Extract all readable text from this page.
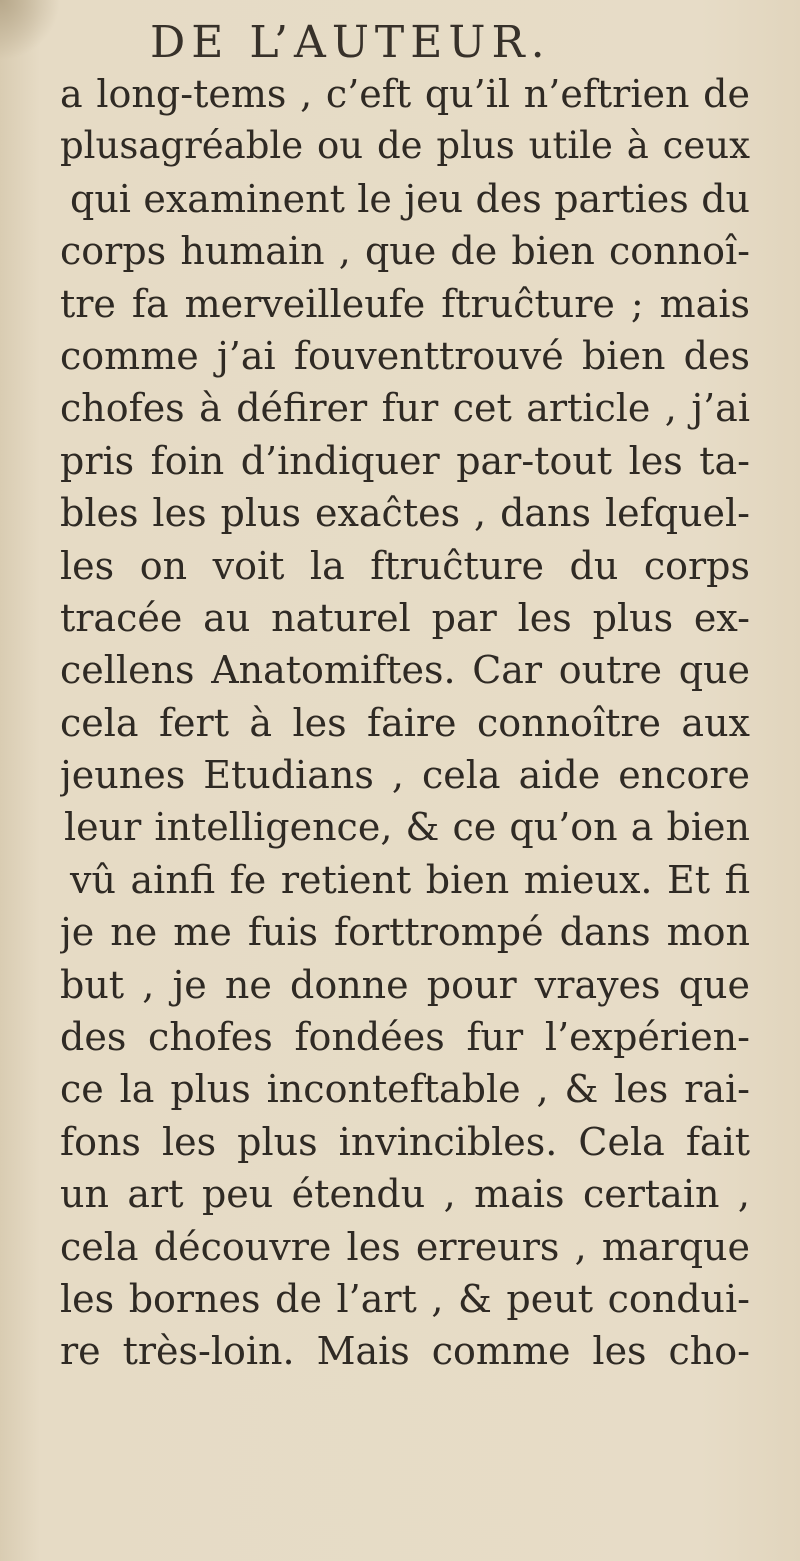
DE L’AUTEUR.
a long-tems , c’eft qu’il n’eftrien de
plusagréable ou de plus utile à ceux
qui examinent le jeu des parties du
corps humain , que de bien connoî-
tre fa merveilleufe ftruĉture ; mais
comme j’ai fouventtrouvé bien des
chofes à défirer fur cet article , j’ai
pris foin d’indiquer par-tout les ta-
bles les plus exaĉtes , dans lefquel-
les on voit la ftruĉture du corps
tracée au naturel par les plus ex-
cellens Anatomiftes. Car outre que
cela fert à les faire connoître aux
jeunes Etudians , cela aide encore
leur intelligence, & ce qu’on a bien
vû ainfi fe retient bien mieux. Et fi
je ne me fuis forttrompé dans mon
but , je ne donne pour vrayes que
des chofes fondées fur l’expérien-
ce la plus inconteftable , & les rai-
fons les plus invincibles. Cela fait
un art peu étendu , mais certain ,
cela découvre les erreurs , marque
les bornes de l’art , & peut condui-
re très-loin. Mais comme les cho-
